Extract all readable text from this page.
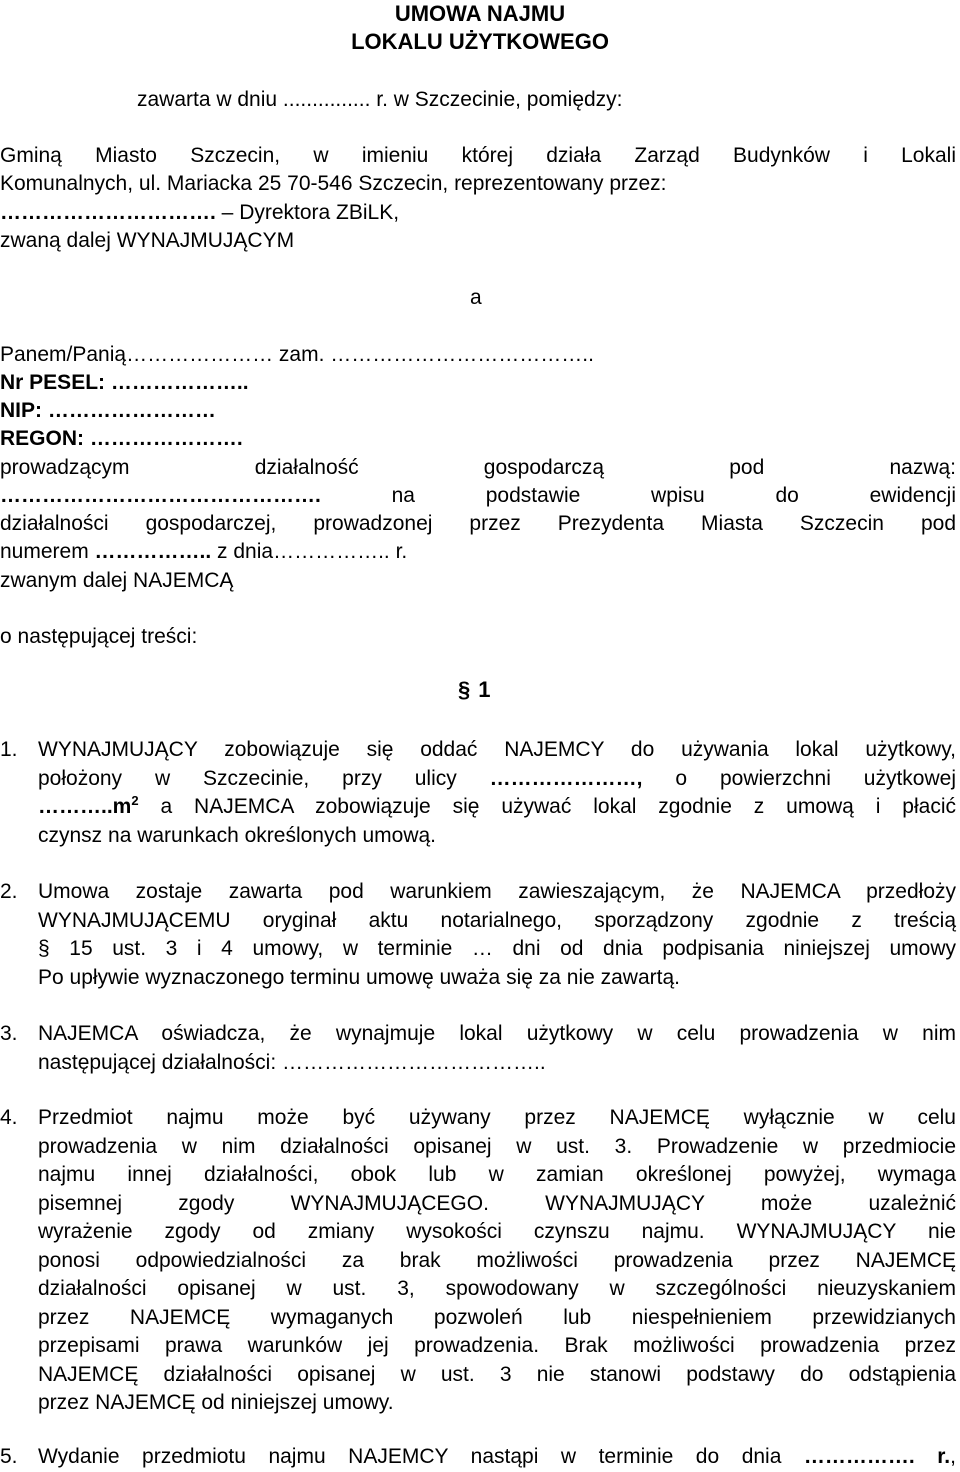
UMOWA NAJMU
LOKALU UŻYTKOWEGO
zawarta w dniu ............... r. w Szczecinie, pomiędzy:
Gminą Miasto Szczecin, w imieniu której działa Zarząd Budynków i Lokali
Komunalnych, ul. Mariacka 25 70-546 Szczecin, reprezentowany przez:
…………………………. – Dyrektora ZBiLK,
zwaną dalej WYNAJMUJĄCYM
a
Panem/Panią………………… zam. ………………………………..
Nr PESEL: ………………..
NIP: ……………………
REGON: ………………….
prowadzącym działalność gospodarczą pod nazwą:
………………………………………. na podstawie wpisu do ewidencji
działalności gospodarczej, prowadzonej przez Prezydenta Miasta Szczecin pod
numerem …………….. z dnia…………….. r.
zwanym dalej NAJEMCĄ
o następującej treści:
§ 1
1. WYNAJMUJĄCY zobowiązuje się oddać NAJEMCY do używania lokal użytkowy,
położony w Szczecinie, przy ulicy …………………, o powierzchni użytkowej
$\dots\dots\dots..m^2$ a NAJEMCA zobowiązuje się używać lokal zgodnie z umową i płacić
czynsz na warunkach określonych umową.
2. Umowa zostaje zawarta pod warunkiem zawieszającym, że NAJEMCA przedłoży
WYNAJMUJĄCEMU oryginał aktu notarialnego, sporządzony zgodnie z treścią
§ 15 ust. 3 i 4 umowy, w terminie … dni od dnia podpisania niniejszej umowy
Po upływie wyznaczonego terminu umowę uważa się za nie zawartą.
3. NAJEMCA oświadcza, że wynajmuje lokal użytkowy w celu prowadzenia w nim
następującej działalności: ………………………………..
4. Przedmiot najmu może być używany przez NAJEMCĘ wyłącznie w celu
prowadzenia w nim działalności opisanej w ust. 3. Prowadzenie w przedmiocie
najmu innej działalności, obok lub w zamian określonej powyżej, wymaga
pisemnej zgody WYNAJMUJĄCEGO. WYNAJMUJĄCY może uzależnić
wyrażenie zgody od zmiany wysokości czynszu najmu. WYNAJMUJĄCY nie
ponosi odpowiedzialności za brak możliwości prowadzenia przez NAJEMCĘ
działalności opisanej w ust. 3, spowodowany w szczególności nieuzyskaniem
przez NAJEMCĘ wymaganych pozwoleń lub niespełnieniem przewidzianych
przepisami prawa warunków jej prowadzenia. Brak możliwości prowadzenia przez
NAJEMCĘ działalności opisanej w ust. 3 nie stanowi podstawy do odstąpienia
przez NAJEMCĘ od niniejszej umowy.
5. Wydanie przedmiotu najmu NAJEMCY nastąpi w terminie do dnia ……………. r.,
